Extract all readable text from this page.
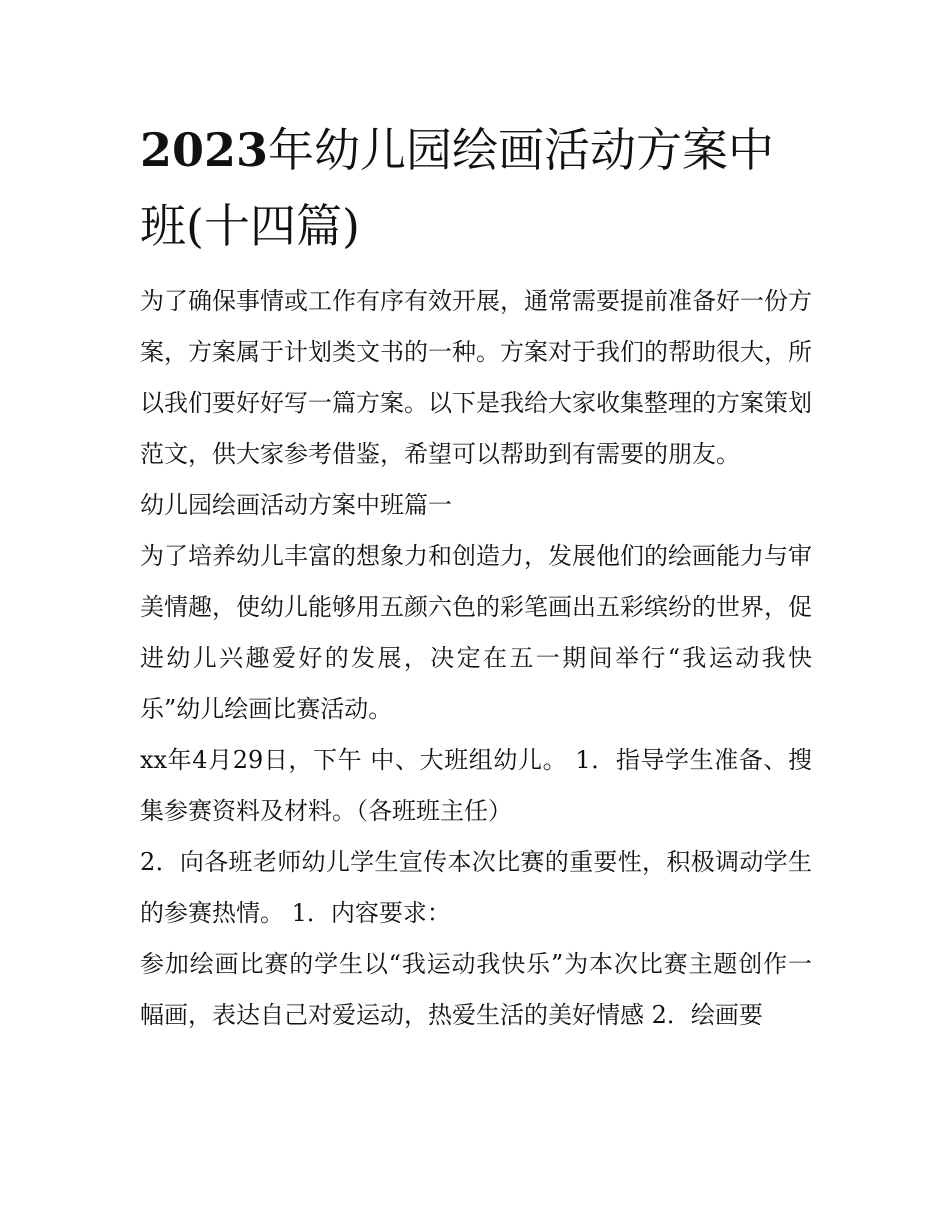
2023年幼儿园绘画活动方案中班(十四篇)

为了确保事情或工作有序有效开展，通常需要提前准备好一份方案，方案属于计划类文书的一种。方案对于我们的帮助很大，所以我们要好好写一篇方案。以下是我给大家收集整理的方案策划范文，供大家参考借鉴，希望可以帮助到有需要的朋友。

幼儿园绘画活动方案中班篇一

为了培养幼儿丰富的想象力和创造力，发展他们的绘画能力与审美情趣，使幼儿能够用五颜六色的彩笔画出五彩缤纷的世界，促进幼儿兴趣爱好的发展，决定在五一期间举行“我运动我快乐”幼儿绘画比赛活动。

xx年4月29日，下午 中、大班组幼儿。 1．指导学生准备、搜集参赛资料及材料。（各班班主任）

2．向各班老师幼儿学生宣传本次比赛的重要性，积极调动学生的参赛热情。 1．内容要求：

参加绘画比赛的学生以“我运动我快乐”为本次比赛主题创作一幅画，表达自己对爱运动，热爱生活的美好情感 2．绘画要
